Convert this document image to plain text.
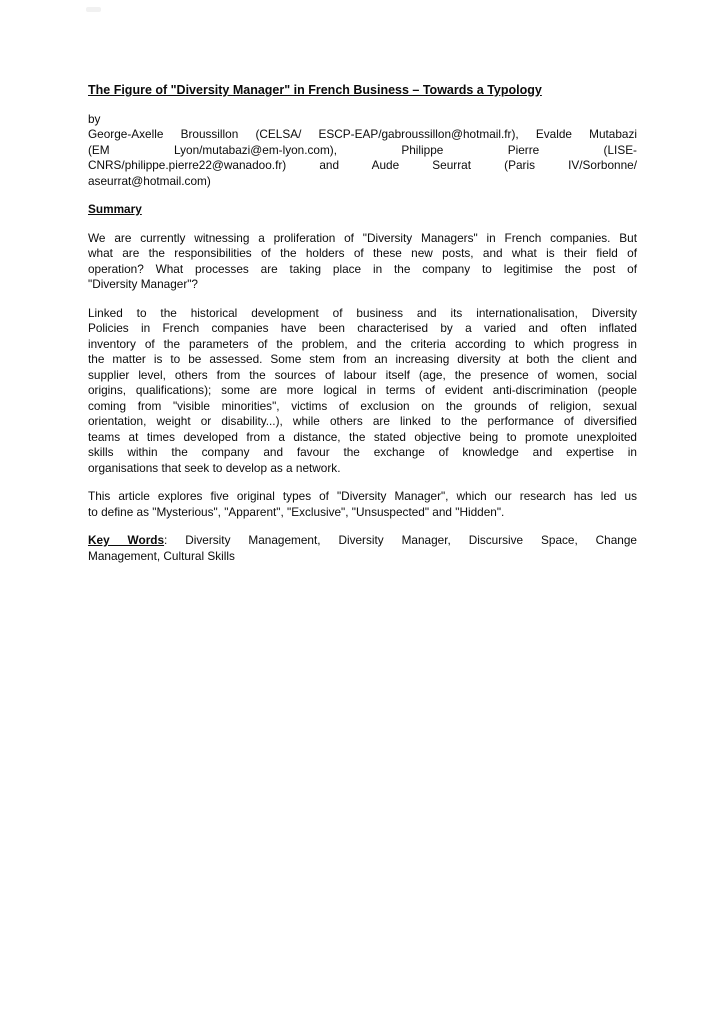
The Figure of "Diversity Manager" in French Business – Towards a Typology
by
George-Axelle Broussillon (CELSA/ ESCP-EAP/gabroussillon@hotmail.fr), Evalde Mutabazi
(EM Lyon/mutabazi@em-lyon.com), Philippe Pierre (LISE-
CNRS/philippe.pierre22@wanadoo.fr) and Aude Seurrat (Paris IV/Sorbonne/
aseurrat@hotmail.com)
Summary
We are currently witnessing a proliferation of "Diversity Managers" in French companies. But
what are the responsibilities of the holders of these new posts, and what is their field of
operation? What processes are taking place in the company to legitimise the post of
"Diversity Manager"?
Linked to the historical development of business and its internationalisation, Diversity
Policies in French companies have been characterised by a varied and often inflated
inventory of the parameters of the problem, and the criteria according to which progress in
the matter is to be assessed. Some stem from an increasing diversity at both the client and
supplier level, others from the sources of labour itself (age, the presence of women, social
origins, qualifications); some are more logical in terms of evident anti-discrimination (people
coming from "visible minorities", victims of exclusion on the grounds of religion, sexual
orientation, weight or disability...), while others are linked to the performance of diversified
teams at times developed from a distance, the stated objective being to promote unexploited
skills within the company and favour the exchange of knowledge and expertise in
organisations that seek to develop as a network.
This article explores five original types of "Diversity Manager", which our research has led us
to define as "Mysterious", "Apparent", "Exclusive", "Unsuspected" and "Hidden".
Key Words: Diversity Management, Diversity Manager, Discursive Space, Change
Management, Cultural Skills
